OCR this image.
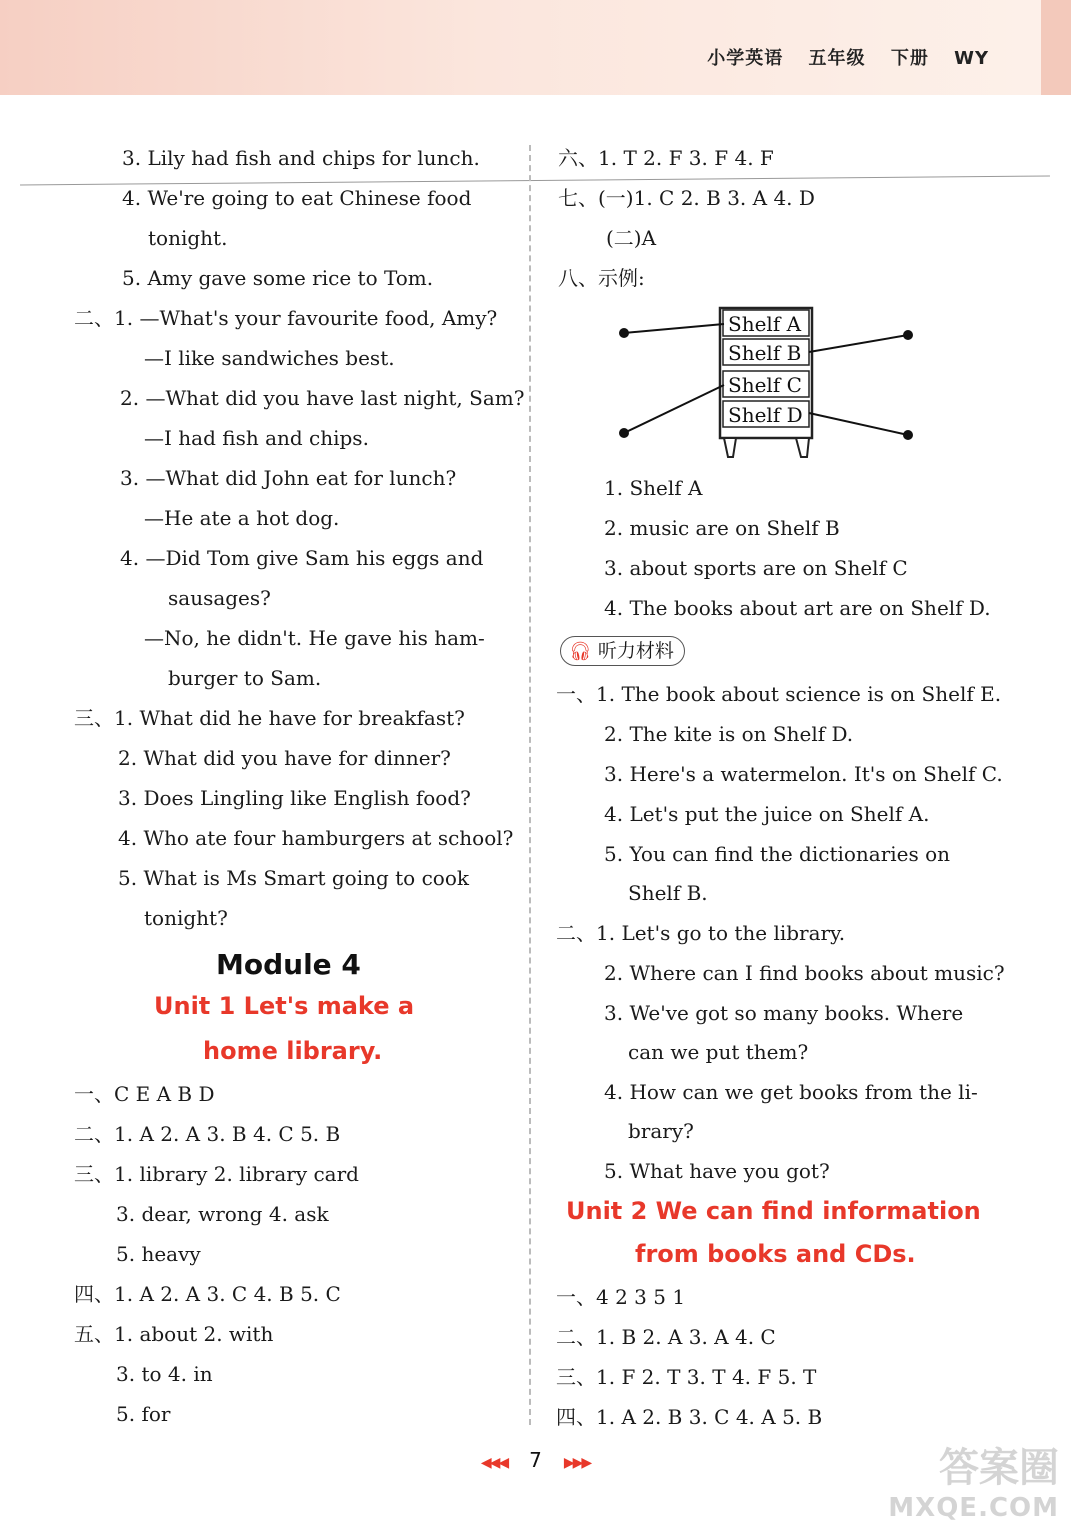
小学英语 五年级 下册 WY
3. Lily had fish and chips for lunch.
4. We're going to eat Chinese food
tonight.
5. Amy gave some rice to Tom.
二、1. —What's your favourite food, Amy?
—I like sandwiches best.
2. —What did you have last night, Sam?
—I had fish and chips.
3. —What did John eat for lunch?
—He ate a hot dog.
4. —Did Tom give Sam his eggs and
sausages?
—No, he didn't. He gave his ham-
burger to Sam.
三、1. What did he have for breakfast?
2. What did you have for dinner?
3. Does Lingling like English food?
4. Who ate four hamburgers at school?
5. What is Ms Smart going to cook
tonight?
Module 4
Unit 1 Let's make a
home library.
一、C E A B D
二、1. A 2. A 3. B 4. C 5. B
三、1. library 2. library card
3. dear, wrong 4. ask
5. heavy
四、1. A 2. A 3. C 4. B 5. C
五、1. about 2. with
3. to 4. in
5. for
六、1. T 2. F 3. F 4. F
七、(一)1. C 2. B 3. A 4. D
(二)A
八、示例:
Shelf A
Shelf B
Shelf C
Shelf D
1. Shelf A
2. music are on Shelf B
3. about sports are on Shelf C
4. The books about art are on Shelf D.
🎧︎ 听力材料
一、1. The book about science is on Shelf E.
2. The kite is on Shelf D.
3. Here's a watermelon. It's on Shelf C.
4. Let's put the juice on Shelf A.
5. You can find the dictionaries on
Shelf B.
二、1. Let's go to the library.
2. Where can I find books about music?
3. We've got so many books. Where
can we put them?
4. How can we get books from the li-
brary?
5. What have you got?
Unit 2 We can find information
from books and CDs.
一、4 2 3 5 1
二、1. B 2. A 3. A 4. C
三、1. F 2. T 3. T 4. F 5. T
四、1. A 2. B 3. C 4. A 5. B
◀◀◀ 7 ▶▶▶	答案圈
MXQE.COM
